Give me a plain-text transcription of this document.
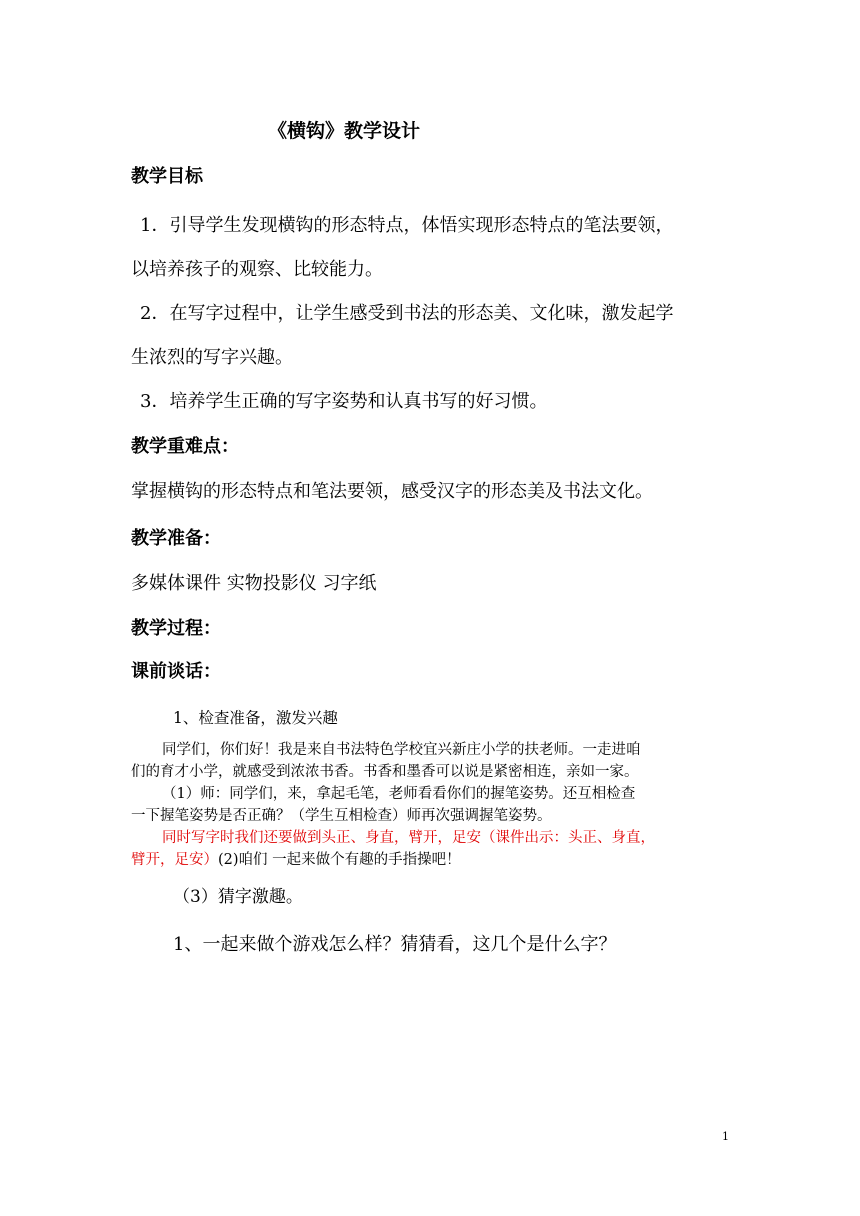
《横钩》教学设计
教学目标
1．引导学生发现横钩的形态特点，体悟实现形态特点的笔法要领，
以培养孩子的观察、比较能力。
2．在写字过程中，让学生感受到书法的形态美、文化味，激发起学
生浓烈的写字兴趣。
3．培养学生正确的写字姿势和认真书写的好习惯。
教学重难点：
掌握横钩的形态特点和笔法要领，感受汉字的形态美及书法文化。
教学准备：
多媒体课件 实物投影仪 习字纸
教学过程：
课前谈话：
1、检查准备，激发兴趣
同学们，你们好！我是来自书法特色学校宜兴新庄小学的扶老师。一走进咱
们的育才小学，就感受到浓浓书香。书香和墨香可以说是紧密相连，亲如一家。
（1）师：同学们，来，拿起毛笔，老师看看你们的握笔姿势。还互相检查
一下握笔姿势是否正确？（学生互相检查）师再次强调握笔姿势。
同时写字时我们还要做到头正、身直，臂开，足安（课件出示：头正、身直，
臂开，足安）(2)咱们 一起来做个有趣的手指操吧！
（3）猜字激趣。
1、一起来做个游戏怎么样？猜猜看，这几个是什么字？
1
